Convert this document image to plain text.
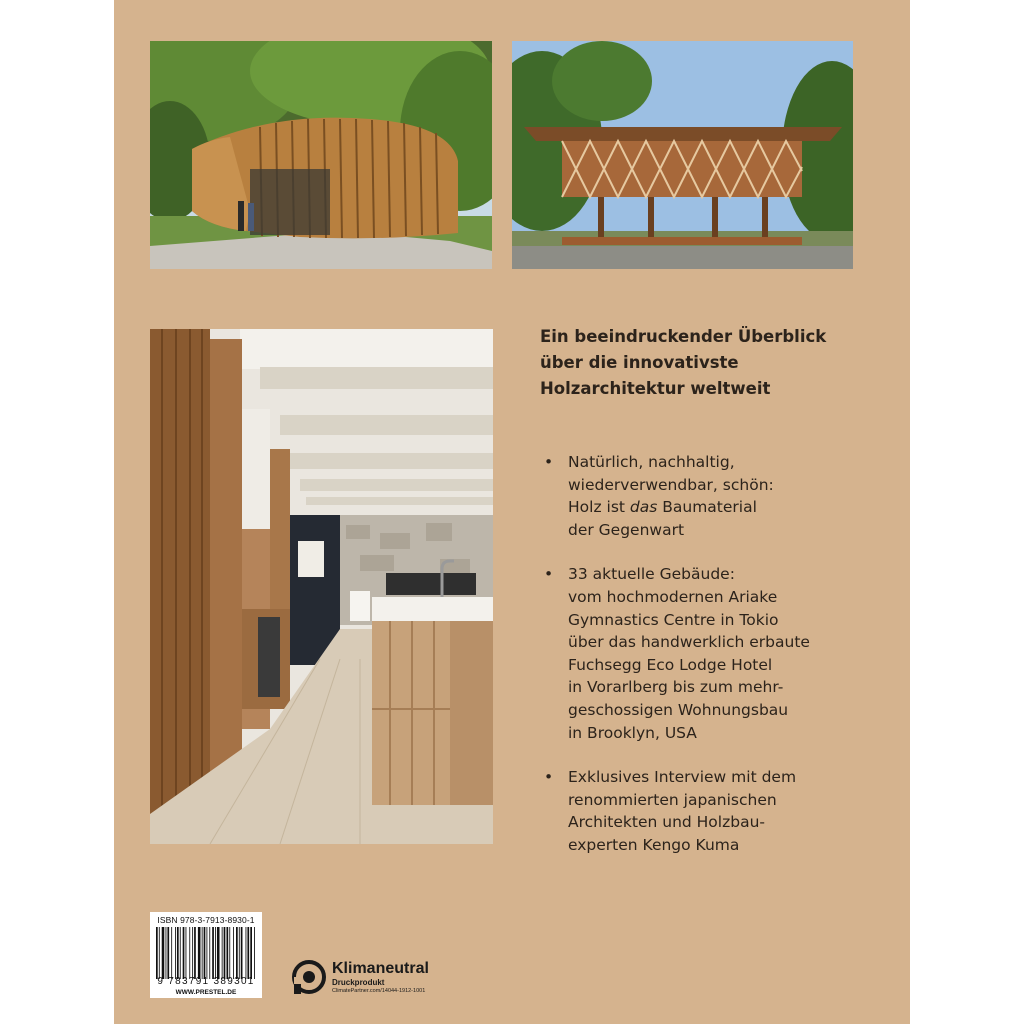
Ein beeindruckender Überblick
über die innovativste
Holzarchitektur weltweit
• Natürlich, nachhaltig,
wiederverwendbar, schön:
Holz ist das Baumaterial
der Gegenwart
• 33 aktuelle Gebäude:
vom hochmodernen Ariake
Gymnastics Centre in Tokio
über das handwerklich erbaute
Fuchsegg Eco Lodge Hotel
in Vorarlberg bis zum mehr-
geschossigen Wohnungsbau
in Brooklyn, USA
• Exklusives Interview mit dem
renommierten japanischen
Architekten und Holzbau-
experten Kengo Kuma
ISBN 978-3-7913-8930-1
9 783791 389301
WWW.PRESTEL.DE
Klimaneutral
Druckprodukt
ClimatePartner.com/14044-1912-1001
